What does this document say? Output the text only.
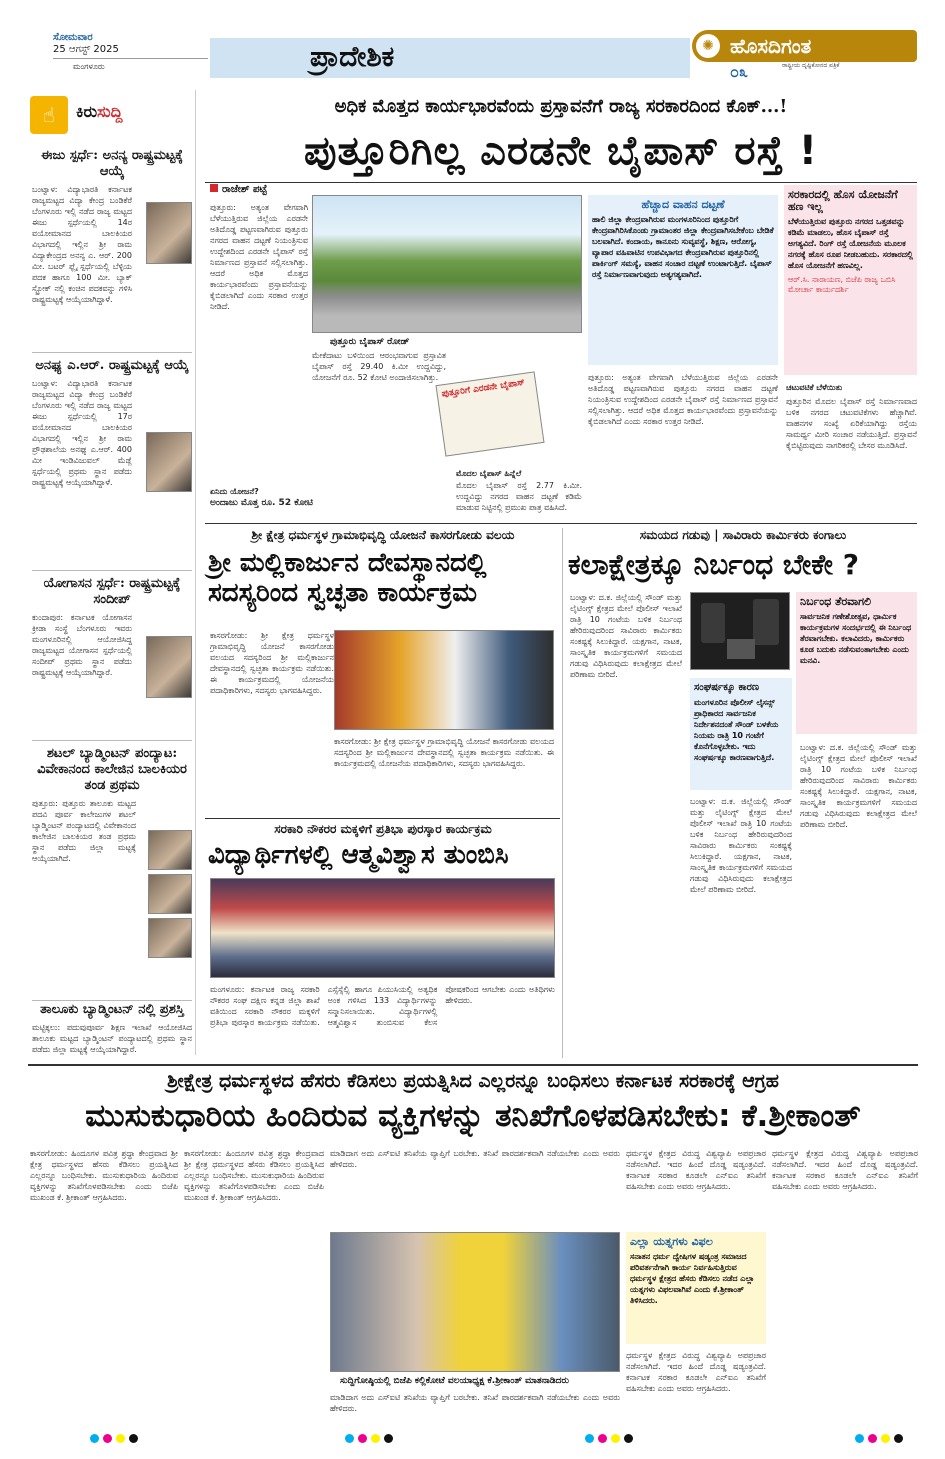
ಸೋಮವಾರ
25 ಆಗಸ್ಟ್ 2025
ಮಂಗಳೂರು	ಪ್ರಾದೇಶಿಕ	ಹೊಸದಿಗಂತ
✺
೦೩	ರಾಷ್ಟ್ರೀಯ ದೃಷ್ಟಿಕೋನದ ಪತ್ರಿಕೆ
☝	ಕಿರುಸುದ್ದಿ
ಈಜು ಸ್ಪರ್ಧೆ: ಅನನ್ಯ ರಾಷ್ಟ್ರಮಟ್ಟಕ್ಕೆ ಆಯ್ಕೆ
ಬಂಟ್ವಾಳ: ವಿದ್ಯಾಭಾರತಿ ಕರ್ನಾಟಕ ರಾಜ್ಯಮಟ್ಟದ ವಿದ್ಯಾ ಕೇಂದ್ರ ಬಂಡಿಕೆರೆ ಬೆಂಗಳೂರು ಇಲ್ಲಿ ನಡೆದ ರಾಜ್ಯ ಮಟ್ಟದ ಈಜು ಸ್ಪರ್ಧೆಯಲ್ಲಿ 14ರ ವಯೋಮಾನದ ಬಾಲಕಿಯರ ವಿಭಾಗದಲ್ಲಿ ಇಲ್ಲಿನ ಶ್ರೀ ರಾಮ ವಿದ್ಯಾಕೇಂದ್ರದ ಅನನ್ಯ ಎ. ಆರ್. 200 ಮೀ. ಬಟರ್ ಫ್ಲೈ ಸ್ಪರ್ಧೆಯಲ್ಲಿ ಬೆಳ್ಳಿಯ ಪದಕ ಹಾಗೂ 100 ಮೀ. ಬ್ಯಾಕ್ ಸ್ಟ್ರೋಕ್ ನಲ್ಲಿ ಕಂಚಿನ ಪದಕವನ್ನು ಗಳಿಸಿ ರಾಷ್ಟ್ರಮಟ್ಟಕ್ಕೆ ಆಯ್ಕೆಯಾಗಿದ್ದಾಳೆ.
ಅನಘ್ಯ ಎ.ಆರ್. ರಾಷ್ಟ್ರಮಟ್ಟಕ್ಕೆ ಆಯ್ಕೆ
ಬಂಟ್ವಾಳ: ವಿದ್ಯಾಭಾರತಿ ಕರ್ನಾಟಕ ರಾಜ್ಯಮಟ್ಟದ ವಿದ್ಯಾ ಕೇಂದ್ರ ಬಂಡಿಕೆರೆ ಬೆಂಗಳೂರು ಇಲ್ಲಿ ನಡೆದ ರಾಜ್ಯ ಮಟ್ಟದ ಈಜು ಸ್ಪರ್ಧೆಯಲ್ಲಿ 17ರ ವಯೋಮಾನದ ಬಾಲಕಿಯರ ವಿಭಾಗದಲ್ಲಿ ಇಲ್ಲಿನ ಶ್ರೀ ರಾಮ ಪ್ರೌಢಶಾಲೆಯ ಅನಘ್ಯ ಎ.ಆರ್. 400 ಮೀ ಇಂಡಿವಿಜುವಲ್ ಮೆಡ್ಲೆ ಸ್ಪರ್ಧೆಯಲ್ಲಿ ಪ್ರಥಮ ಸ್ಥಾನ ಪಡೆದು ರಾಷ್ಟ್ರಮಟ್ಟಕ್ಕೆ ಆಯ್ಕೆಯಾಗಿದ್ದಾಳೆ.
ಯೋಗಾಸನ ಸ್ಪರ್ಧೆ: ರಾಷ್ಟ್ರಮಟ್ಟಕ್ಕೆ ಸಂದೀಪ್
ಕುಂದಾಪುರ: ಕರ್ನಾಟಕ ಯೋಗಾಸನ ಕ್ರೀಡಾ ಸಂಸ್ಥೆ ಬೆಂಗಳೂರು ಇವರು ಮಂಗಳೂರಿನಲ್ಲಿ ಆಯೋಜಿಸಿದ್ದ ರಾಜ್ಯಮಟ್ಟದ ಯೋಗಾಸನ ಸ್ಪರ್ಧೆಯಲ್ಲಿ ಸಂದೀಪ್ ಪ್ರಥಮ ಸ್ಥಾನ ಪಡೆದು ರಾಷ್ಟ್ರಮಟ್ಟಕ್ಕೆ ಆಯ್ಕೆಯಾಗಿದ್ದಾರೆ.
ಶಟಲ್ ಬ್ಯಾಡ್ಮಿಂಟನ್ ಪಂದ್ಯಾಟ: ವಿವೇಕಾನಂದ ಕಾಲೇಜಿನ ಬಾಲಕಿಯರ ತಂಡ ಪ್ರಥಮ
ಪುತ್ತೂರು: ಪುತ್ತೂರು ತಾಲೂಕು ಮಟ್ಟದ ಪದವಿ ಪೂರ್ವ ಕಾಲೇಜುಗಳ ಶಟಲ್ ಬ್ಯಾಡ್ಮಿಂಟನ್ ಪಂದ್ಯಾಟದಲ್ಲಿ ವಿವೇಕಾನಂದ ಕಾಲೇಜಿನ ಬಾಲಕಿಯರ ತಂಡ ಪ್ರಥಮ ಸ್ಥಾನ ಪಡೆದು ಜಿಲ್ಲಾ ಮಟ್ಟಕ್ಕೆ ಆಯ್ಕೆಯಾಗಿದೆ.
ತಾಲೂಕು ಬ್ಯಾಡ್ಮಿಂಟನ್ ನಲ್ಲಿ ಪ್ರಶಸ್ತಿ
ಮಟ್ಟಿಕ್ಕಲು: ಪದುವುಪೂರ್ವ ಶಿಕ್ಷಣ ಇಲಾಖೆ ಆಯೋಜಿಸಿದ ತಾಲೂಕು ಮಟ್ಟದ ಬ್ಯಾಡ್ಮಿಂಟನ್ ಪಂದ್ಯಾಟದಲ್ಲಿ ಪ್ರಥಮ ಸ್ಥಾನ ಪಡೆದು ಜಿಲ್ಲಾ ಮಟ್ಟಕ್ಕೆ ಆಯ್ಕೆಯಾಗಿದ್ದಾರೆ.
ಅಧಿಕ ಮೊತ್ತದ ಕಾರ್ಯಭಾರವೆಂದು ಪ್ರಸ್ತಾವನೆಗೆ ರಾಜ್ಯ ಸರಕಾರದಿಂದ ಕೊಕ್...!
ಪುತ್ತೂರಿಗಿಲ್ಲ ಎರಡನೇ ಬೈಪಾಸ್ ರಸ್ತೆ !
ರಾಜೇಶ್ ಪಟ್ಟೆ
ಪುತ್ತೂರು: ಅತ್ಯಂತ ವೇಗವಾಗಿ ಬೆಳೆಯುತ್ತಿರುವ ಜಿಲ್ಲೆಯ ಎರಡನೇ ಅತಿದೊಡ್ಡ ಪಟ್ಟಣವಾಗಿರುವ ಪುತ್ತೂರು ನಗರದ ವಾಹನ ದಟ್ಟಣೆ ನಿಯಂತ್ರಿಸುವ ಉದ್ದೇಶದಿಂದ ಎರಡನೇ ಬೈಪಾಸ್ ರಸ್ತೆ ನಿರ್ಮಾಣದ ಪ್ರಸ್ತಾವನೆ ಸಲ್ಲಿಸಲಾಗಿತ್ತು. ಆದರೆ ಅಧಿಕ ಮೊತ್ತದ ಕಾರ್ಯಭಾರವೆಂದು ಪ್ರಸ್ತಾವನೆಯನ್ನು ಕೈಬಿಡಲಾಗಿದೆ ಎಂದು ಸರಕಾರ ಉತ್ತರ ನೀಡಿದೆ.
ಪುತ್ತೂರು ಬೈಪಾಸ್ ರೋಡ್
ಏನಿದು ಯೋಜನೆ?
ಮೇಕೆದಾಟು ಬಳಿಯಿಂದ ಆರಂಭವಾಗುವ ಪ್ರಸ್ತಾವಿತ ಬೈಪಾಸ್ ರಸ್ತೆ 29.40 ಕಿ.ಮೀ ಉದ್ದವಿದ್ದು, ಯೋಜನೆಗೆ ರೂ. 52 ಕೋಟಿ ಅಂದಾಜಿಸಲಾಗಿತ್ತು.
ಅಂದಾಜು ಮೊತ್ತ ರೂ. 52 ಕೋಟಿ
ಪುತ್ತೂರಿಗೆ ಎರಡನೇ ಬೈಪಾಸ್
ಮೊದಲ ಬೈಪಾಸ್ ಹಿನ್ನೆಲೆ
ಮೊದಲ ಬೈಪಾಸ್ ರಸ್ತೆ 2.77 ಕಿ.ಮೀ. ಉದ್ದವಿದ್ದು ನಗರದ ವಾಹನ ದಟ್ಟಣೆ ಕಡಿಮೆ ಮಾಡುವ ನಿಟ್ಟಿನಲ್ಲಿ ಪ್ರಮುಖ ಪಾತ್ರ ವಹಿಸಿದೆ.
ಹೆಚ್ಚಾದ ವಾಹನ ದಟ್ಟಣೆ
ಹಾಲಿ ಜಿಲ್ಲಾ ಕೇಂದ್ರವಾಗಿರುವ ಮಂಗಳೂರಿನಿಂದ ಪುತ್ತೂರಿಗೆ ಕೇಂದ್ರವಾಗಿರಿಸಿಕೊಂಡು ಗ್ರಾಮಾಂತರ ಜಿಲ್ಲಾ ಕೇಂದ್ರವಾಗಿಸಬೇಕೆಂಬ ಬೇಡಿಕೆ ಬಲವಾಗಿದೆ. ಕಂದಾಯ, ಕಾನೂನು ಸುವ್ಯವಸ್ಥೆ, ಶಿಕ್ಷಣ, ಆರೋಗ್ಯ, ವ್ಯಾಪಾರ ವಹಿವಾಟಿನ ಉಪವಿಭಾಗದ ಕೇಂದ್ರವಾಗಿರುವ ಪುತ್ತೂರಿನಲ್ಲಿ ಪಾರ್ಕಿಂಗ್ ಸಮಸ್ಯೆ, ವಾಹನ ಸಂಚಾರ ದಟ್ಟಣೆ ಉಂಟಾಗುತ್ತಿದೆ. ಬೈಪಾಸ್ ರಸ್ತೆ ನಿರ್ಮಾಣವಾಗುವುದು ಅತ್ಯಗತ್ಯವಾಗಿದೆ.
ಪುತ್ತೂರು: ಅತ್ಯಂತ ವೇಗವಾಗಿ ಬೆಳೆಯುತ್ತಿರುವ ಜಿಲ್ಲೆಯ ಎರಡನೇ ಅತಿದೊಡ್ಡ ಪಟ್ಟಣವಾಗಿರುವ ಪುತ್ತೂರು ನಗರದ ವಾಹನ ದಟ್ಟಣೆ ನಿಯಂತ್ರಿಸುವ ಉದ್ದೇಶದಿಂದ ಎರಡನೇ ಬೈಪಾಸ್ ರಸ್ತೆ ನಿರ್ಮಾಣದ ಪ್ರಸ್ತಾವನೆ ಸಲ್ಲಿಸಲಾಗಿತ್ತು. ಆದರೆ ಅಧಿಕ ಮೊತ್ತದ ಕಾರ್ಯಭಾರವೆಂದು ಪ್ರಸ್ತಾವನೆಯನ್ನು ಕೈಬಿಡಲಾಗಿದೆ ಎಂದು ಸರಕಾರ ಉತ್ತರ ನೀಡಿದೆ.
ಸರಕಾರದಲ್ಲಿ ಹೊಸ ಯೋಜನೆಗೆ ಹಣ ಇಲ್ಲ
ಬೆಳೆಯುತ್ತಿರುವ ಪುತ್ತೂರು ನಗರದ ಒತ್ತಡವನ್ನು ಕಡಿಮೆ ಮಾಡಲು, ಹೊಸ ಬೈಪಾಸ್ ರಸ್ತೆ ಅಗತ್ಯವಿದೆ. ರಿಂಗ್ ರಸ್ತೆ ಯೋಜನೆಯ ಮೂಲಕ ನಗರಕ್ಕೆ ಹೊಸ ರೂಪ ನೀಡಬಹುದು. ಸರಕಾರದಲ್ಲಿ ಹೊಸ ಯೋಜನೆಗೆ ಹಣವಿಲ್ಲ.
ಆರ್.ಸಿ. ನಾರಾಯಣ, ಬಿಜೆಪಿ ರಾಜ್ಯ ಒಬಿಸಿ ಮೋರ್ಚಾ ಕಾರ್ಯದರ್ಶಿ
ಚಟುವಟಿಕೆ ಬೆಳೆಯಿತು
ಪುತ್ತೂರಿನ ಮೊದಲ ಬೈಪಾಸ್ ರಸ್ತೆ ನಿರ್ಮಾಣವಾದ ಬಳಿಕ ನಗರದ ಚಟುವಟಿಕೆಗಳು ಹೆಚ್ಚಾಗಿವೆ. ವಾಹನಗಳ ಸಂಖ್ಯೆ ಏರಿಕೆಯಾಗಿದ್ದು ರಸ್ತೆಯ ಸಾಮರ್ಥ್ಯ ಮೀರಿ ಸಂಚಾರ ನಡೆಯುತ್ತಿದೆ. ಪ್ರಸ್ತಾವನೆ ಕೈಬಿಟ್ಟಿರುವುದು ನಾಗರಿಕರಲ್ಲಿ ಬೇಸರ ಮೂಡಿಸಿದೆ.
ಶ್ರೀ ಕ್ಷೇತ್ರ ಧರ್ಮಸ್ಥಳ ಗ್ರಾಮಾಭಿವೃದ್ಧಿ ಯೋಜನೆ ಕಾಸರಗೋಡು ವಲಯ
ಶ್ರೀ ಮಲ್ಲಿಕಾರ್ಜುನ ದೇವಸ್ಥಾನದಲ್ಲಿ ಸದಸ್ಯರಿಂದ ಸ್ವಚ್ಛತಾ ಕಾರ್ಯಕ್ರಮ
ಕಾಸರಗೋಡು: ಶ್ರೀ ಕ್ಷೇತ್ರ ಧರ್ಮಸ್ಥಳ ಗ್ರಾಮಾಭಿವೃದ್ಧಿ ಯೋಜನೆ ಕಾಸರಗೋಡು ವಲಯದ ಸದಸ್ಯರಿಂದ ಶ್ರೀ ಮಲ್ಲಿಕಾರ್ಜುನ ದೇವಸ್ಥಾನದಲ್ಲಿ ಸ್ವಚ್ಛತಾ ಕಾರ್ಯಕ್ರಮ ನಡೆಯಿತು. ಈ ಕಾರ್ಯಕ್ರಮದಲ್ಲಿ ಯೋಜನೆಯ ಪದಾಧಿಕಾರಿಗಳು, ಸದಸ್ಯರು ಭಾಗವಹಿಸಿದ್ದರು.
ಕಾಸರಗೋಡು: ಶ್ರೀ ಕ್ಷೇತ್ರ ಧರ್ಮಸ್ಥಳ ಗ್ರಾಮಾಭಿವೃದ್ಧಿ ಯೋಜನೆ ಕಾಸರಗೋಡು ವಲಯದ ಸದಸ್ಯರಿಂದ ಶ್ರೀ ಮಲ್ಲಿಕಾರ್ಜುನ ದೇವಸ್ಥಾನದಲ್ಲಿ ಸ್ವಚ್ಛತಾ ಕಾರ್ಯಕ್ರಮ ನಡೆಯಿತು. ಈ ಕಾರ್ಯಕ್ರಮದಲ್ಲಿ ಯೋಜನೆಯ ಪದಾಧಿಕಾರಿಗಳು, ಸದಸ್ಯರು ಭಾಗವಹಿಸಿದ್ದರು.
ಸರಕಾರಿ ನೌಕರರ ಮಕ್ಕಳಿಗೆ ಪ್ರತಿಭಾ ಪುರಸ್ಕಾರ ಕಾರ್ಯಕ್ರಮ
ವಿದ್ಯಾರ್ಥಿಗಳಲ್ಲಿ ಆತ್ಮವಿಶ್ವಾಸ ತುಂಬಿಸಿ
ಮಂಗಳೂರು: ಕರ್ನಾಟಕ ರಾಜ್ಯ ಸರಕಾರಿ ನೌಕರರ ಸಂಘ ದಕ್ಷಿಣ ಕನ್ನಡ ಜಿಲ್ಲಾ ಶಾಖೆ ವತಿಯಿಂದ ಸರಕಾರಿ ನೌಕರರ ಮಕ್ಕಳಿಗೆ ಪ್ರತಿಭಾ ಪುರಸ್ಕಾರ ಕಾರ್ಯಕ್ರಮ ನಡೆಯಿತು. ಎಸ್ಸೆಸ್ಸೆಲ್ಸಿ ಹಾಗೂ ಪಿಯುಸಿಯಲ್ಲಿ ಅತ್ಯಧಿಕ ಅಂಕ ಗಳಿಸಿದ 133 ವಿದ್ಯಾರ್ಥಿಗಳನ್ನು ಸನ್ಮಾನಿಸಲಾಯಿತು. ವಿದ್ಯಾರ್ಥಿಗಳಲ್ಲಿ ಆತ್ಮವಿಶ್ವಾಸ ತುಂಬಿಸುವ ಕೆಲಸ ಪೋಷಕರಿಂದ ಆಗಬೇಕು ಎಂದು ಅತಿಥಿಗಳು ಹೇಳಿದರು.
ಸಮಯದ ಗಡುವು | ಸಾವಿರಾರು ಕಾರ್ಮಿಕರು ಕಂಗಾಲು
ಕಲಾಕ್ಷೇತ್ರಕ್ಕೂ ನಿರ್ಬಂಧ ಬೇಕೇ ?
ಬಂಟ್ವಾಳ: ದ.ಕ. ಜಿಲ್ಲೆಯಲ್ಲಿ ಸೌಂಡ್ ಮತ್ತು ಲೈಟಿಂಗ್ಸ್ ಕ್ಷೇತ್ರದ ಮೇಲೆ ಪೊಲೀಸ್ ಇಲಾಖೆ ರಾತ್ರಿ 10 ಗಂಟೆಯ ಬಳಿಕ ನಿರ್ಬಂಧ ಹೇರಿರುವುದರಿಂದ ಸಾವಿರಾರು ಕಾರ್ಮಿಕರು ಸಂಕಷ್ಟಕ್ಕೆ ಸಿಲುಕಿದ್ದಾರೆ. ಯಕ್ಷಗಾನ, ನಾಟಕ, ಸಾಂಸ್ಕೃತಿಕ ಕಾರ್ಯಕ್ರಮಗಳಿಗೆ ಸಮಯದ ಗಡುವು ವಿಧಿಸಿರುವುದು ಕಲಾಕ್ಷೇತ್ರದ ಮೇಲೆ ಪರಿಣಾಮ ಬೀರಿದೆ.
ನಿರ್ಬಂಧ ತೆರವಾಗಲಿ
ಸಾರ್ವಜನಿಕ ಗಣೇಶೋತ್ಸವ, ಧಾರ್ಮಿಕ ಕಾರ್ಯಕ್ರಮಗಳ ಸಂದರ್ಭದಲ್ಲಿ ಈ ನಿರ್ಬಂಧ ತೆರವಾಗಬೇಕು. ಕಲಾವಿದರು, ಕಾರ್ಮಿಕರು ಕೂಡ ಬದುಕು ನಡೆಸುವಂತಾಗಬೇಕು ಎಂದು ಮನವಿ.
ಸಂಘರ್ಷಕ್ಕೂ ಕಾರಣ
ಮಂಗಳೂರಿನ ಪೊಲೀಸ್ ಲೈಸನ್ಸ್ ಪ್ರಾಧಿಕಾರದ ಸಾರ್ವಜನಿಕ ನಿರ್ದೇಶನದಂತೆ ಸೌಂಡ್ ಬಳಕೆಯ ನಿಯಮ ರಾತ್ರಿ 10 ಗಂಟೆಗೆ ಕೊನೆಗೊಳ್ಳಬೇಕು. ಇದು ಸಂಘರ್ಷಕ್ಕೂ ಕಾರಣವಾಗುತ್ತಿದೆ.
ಬಂಟ್ವಾಳ: ದ.ಕ. ಜಿಲ್ಲೆಯಲ್ಲಿ ಸೌಂಡ್ ಮತ್ತು ಲೈಟಿಂಗ್ಸ್ ಕ್ಷೇತ್ರದ ಮೇಲೆ ಪೊಲೀಸ್ ಇಲಾಖೆ ರಾತ್ರಿ 10 ಗಂಟೆಯ ಬಳಿಕ ನಿರ್ಬಂಧ ಹೇರಿರುವುದರಿಂದ ಸಾವಿರಾರು ಕಾರ್ಮಿಕರು ಸಂಕಷ್ಟಕ್ಕೆ ಸಿಲುಕಿದ್ದಾರೆ. ಯಕ್ಷಗಾನ, ನಾಟಕ, ಸಾಂಸ್ಕೃತಿಕ ಕಾರ್ಯಕ್ರಮಗಳಿಗೆ ಸಮಯದ ಗಡುವು ವಿಧಿಸಿರುವುದು ಕಲಾಕ್ಷೇತ್ರದ ಮೇಲೆ ಪರಿಣಾಮ ಬೀರಿದೆ.
ಬಂಟ್ವಾಳ: ದ.ಕ. ಜಿಲ್ಲೆಯಲ್ಲಿ ಸೌಂಡ್ ಮತ್ತು ಲೈಟಿಂಗ್ಸ್ ಕ್ಷೇತ್ರದ ಮೇಲೆ ಪೊಲೀಸ್ ಇಲಾಖೆ ರಾತ್ರಿ 10 ಗಂಟೆಯ ಬಳಿಕ ನಿರ್ಬಂಧ ಹೇರಿರುವುದರಿಂದ ಸಾವಿರಾರು ಕಾರ್ಮಿಕರು ಸಂಕಷ್ಟಕ್ಕೆ ಸಿಲುಕಿದ್ದಾರೆ. ಯಕ್ಷಗಾನ, ನಾಟಕ, ಸಾಂಸ್ಕೃತಿಕ ಕಾರ್ಯಕ್ರಮಗಳಿಗೆ ಸಮಯದ ಗಡುವು ವಿಧಿಸಿರುವುದು ಕಲಾಕ್ಷೇತ್ರದ ಮೇಲೆ ಪರಿಣಾಮ ಬೀರಿದೆ.
ಶ್ರೀಕ್ಷೇತ್ರ ಧರ್ಮಸ್ಥಳದ ಹೆಸರು ಕೆಡಿಸಲು ಪ್ರಯತ್ನಿಸಿದ ಎಲ್ಲರನ್ನೂ ಬಂಧಿಸಲು ಕರ್ನಾಟಕ ಸರಕಾರಕ್ಕೆ ಆಗ್ರಹ
ಮುಸುಕುಧಾರಿಯ ಹಿಂದಿರುವ ವ್ಯಕ್ತಿಗಳನ್ನು ತನಿಖೆಗೊಳಪಡಿಸಬೇಕು: ಕೆ.ಶ್ರೀಕಾಂತ್
ಕಾಸರಗೋಡು: ಹಿಂದೂಗಳ ಪವಿತ್ರ ಶ್ರದ್ಧಾ ಕೇಂದ್ರವಾದ ಶ್ರೀ ಕ್ಷೇತ್ರ ಧರ್ಮಸ್ಥಳದ ಹೆಸರು ಕೆಡಿಸಲು ಪ್ರಯತ್ನಿಸಿದ ಎಲ್ಲರನ್ನೂ ಬಂಧಿಸಬೇಕು. ಮುಸುಕುಧಾರಿಯ ಹಿಂದಿರುವ ವ್ಯಕ್ತಿಗಳನ್ನು ತನಿಖೆಗೊಳಪಡಿಸಬೇಕು ಎಂದು ಬಿಜೆಪಿ ಮುಖಂಡ ಕೆ. ಶ್ರೀಕಾಂತ್ ಆಗ್ರಹಿಸಿದರು.
ಕಾಸರಗೋಡು: ಹಿಂದೂಗಳ ಪವಿತ್ರ ಶ್ರದ್ಧಾ ಕೇಂದ್ರವಾದ ಶ್ರೀ ಕ್ಷೇತ್ರ ಧರ್ಮಸ್ಥಳದ ಹೆಸರು ಕೆಡಿಸಲು ಪ್ರಯತ್ನಿಸಿದ ಎಲ್ಲರನ್ನೂ ಬಂಧಿಸಬೇಕು. ಮುಸುಕುಧಾರಿಯ ಹಿಂದಿರುವ ವ್ಯಕ್ತಿಗಳನ್ನು ತನಿಖೆಗೊಳಪಡಿಸಬೇಕು ಎಂದು ಬಿಜೆಪಿ ಮುಖಂಡ ಕೆ. ಶ್ರೀಕಾಂತ್ ಆಗ್ರಹಿಸಿದರು.
ಮಾಡಿದಾಗ ಅದು ಎಸ್ಐಟಿ ತನಿಖೆಯ ವ್ಯಾಪ್ತಿಗೆ ಬರಬೇಕು. ತನಿಖೆ ಪಾರದರ್ಶಕವಾಗಿ ನಡೆಯಬೇಕು ಎಂದು ಅವರು ಹೇಳಿದರು.
ಸುದ್ದಿಗೋಷ್ಠಿಯಲ್ಲಿ ಬಿಜೆಪಿ ಕಲ್ಲಿಕೋಟೆ ವಲಯಾಧ್ಯಕ್ಷ ಕೆ.ಶ್ರೀಕಾಂತ್ ಮಾತನಾಡಿದರು
ಮಾಡಿದಾಗ ಅದು ಎಸ್ಐಟಿ ತನಿಖೆಯ ವ್ಯಾಪ್ತಿಗೆ ಬರಬೇಕು. ತನಿಖೆ ಪಾರದರ್ಶಕವಾಗಿ ನಡೆಯಬೇಕು ಎಂದು ಅವರು ಹೇಳಿದರು.
ಎಲ್ಲಾ ಯತ್ನಗಳು ವಿಫಲ
ಸನಾತನ ಧರ್ಮ ದ್ವೇಷಿಗಳ ಷಡ್ಯಂತ್ರ ಸಮಾಜದ ಪರಿವರ್ತನೆಗಾಗಿ ಕಾರ್ಯ ನಿರ್ವಹಿಸುತ್ತಿರುವ ಧರ್ಮಸ್ಥಳ ಕ್ಷೇತ್ರದ ಹೆಸರು ಕೆಡಿಸಲು ನಡೆದ ಎಲ್ಲಾ ಯತ್ನಗಳು ವಿಫಲವಾಗಿವೆ ಎಂದು ಕೆ.ಶ್ರೀಕಾಂತ್ ತಿಳಿಸಿದರು.
ಧರ್ಮಸ್ಥಳ ಕ್ಷೇತ್ರದ ವಿರುದ್ಧ ವಿಶ್ವವ್ಯಾಪಿ ಅಪಪ್ರಚಾರ ನಡೆಸಲಾಗಿದೆ. ಇದರ ಹಿಂದೆ ದೊಡ್ಡ ಷಡ್ಯಂತ್ರವಿದೆ. ಕರ್ನಾಟಕ ಸರಕಾರ ಕೂಡಲೇ ಎನ್ಐಎ ತನಿಖೆಗೆ ವಹಿಸಬೇಕು ಎಂದು ಅವರು ಆಗ್ರಹಿಸಿದರು.
ಧರ್ಮಸ್ಥಳ ಕ್ಷೇತ್ರದ ವಿರುದ್ಧ ವಿಶ್ವವ್ಯಾಪಿ ಅಪಪ್ರಚಾರ ನಡೆಸಲಾಗಿದೆ. ಇದರ ಹಿಂದೆ ದೊಡ್ಡ ಷಡ್ಯಂತ್ರವಿದೆ. ಕರ್ನಾಟಕ ಸರಕಾರ ಕೂಡಲೇ ಎನ್ಐಎ ತನಿಖೆಗೆ ವಹಿಸಬೇಕು ಎಂದು ಅವರು ಆಗ್ರಹಿಸಿದರು.
ಧರ್ಮಸ್ಥಳ ಕ್ಷೇತ್ರದ ವಿರುದ್ಧ ವಿಶ್ವವ್ಯಾಪಿ ಅಪಪ್ರಚಾರ ನಡೆಸಲಾಗಿದೆ. ಇದರ ಹಿಂದೆ ದೊಡ್ಡ ಷಡ್ಯಂತ್ರವಿದೆ. ಕರ್ನಾಟಕ ಸರಕಾರ ಕೂಡಲೇ ಎನ್ಐಎ ತನಿಖೆಗೆ ವಹಿಸಬೇಕು ಎಂದು ಅವರು ಆಗ್ರಹಿಸಿದರು.
